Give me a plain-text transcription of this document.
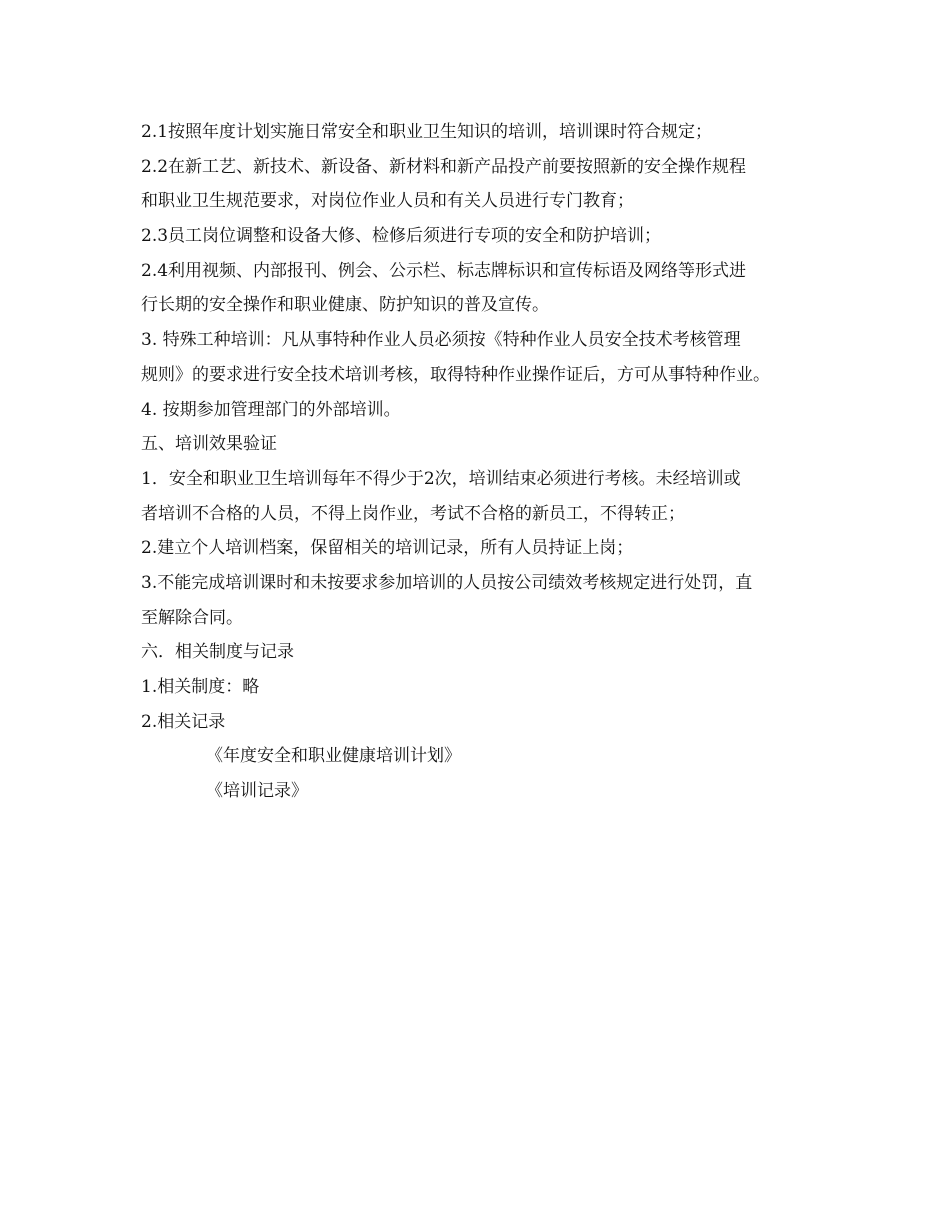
2.1按照年度计划实施日常安全和职业卫生知识的培训，培训课时符合规定；
2.2在新工艺、新技术、新设备、新材料和新产品投产前要按照新的安全操作规程
和职业卫生规范要求，对岗位作业人员和有关人员进行专门教育；
2.3员工岗位调整和设备大修、检修后须进行专项的安全和防护培训；
2.4利用视频、内部报刊、例会、公示栏、标志牌标识和宣传标语及网络等形式进
行长期的安全操作和职业健康、防护知识的普及宣传。
3. 特殊工种培训：凡从事特种作业人员必须按《特种作业人员安全技术考核管理
规则》的要求进行安全技术培训考核，取得特种作业操作证后，方可从事特种作业。
4. 按期参加管理部门的外部培训。
五、培训效果验证
1．安全和职业卫生培训每年不得少于2次，培训结束必须进行考核。未经培训或
者培训不合格的人员，不得上岗作业，考试不合格的新员工，不得转正；
2.建立个人培训档案，保留相关的培训记录，所有人员持证上岗；
3.不能完成培训课时和未按要求参加培训的人员按公司绩效考核规定进行处罚，直
至解除合同。
六．相关制度与记录
1.相关制度：略
2.相关记录
《年度安全和职业健康培训计划》
《培训记录》
